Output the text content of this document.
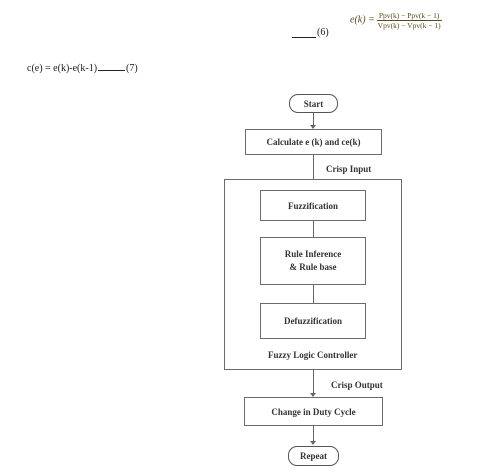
(6)
$e(k) = \frac{\text{Ppv(k) − Ppv(k − 1)}}{\text{Vpv(k) − Vpv(k − 1)}}$
c(e) = e(k)-e(k-1)	(7)
Start
Calculate e (k) and ce(k)
Crisp Input
Fuzzification
Rule Inference
& Rule base
Defuzzification
Fuzzy Logic Controller
Crisp Output
Change in Duty Cycle
Repeat
